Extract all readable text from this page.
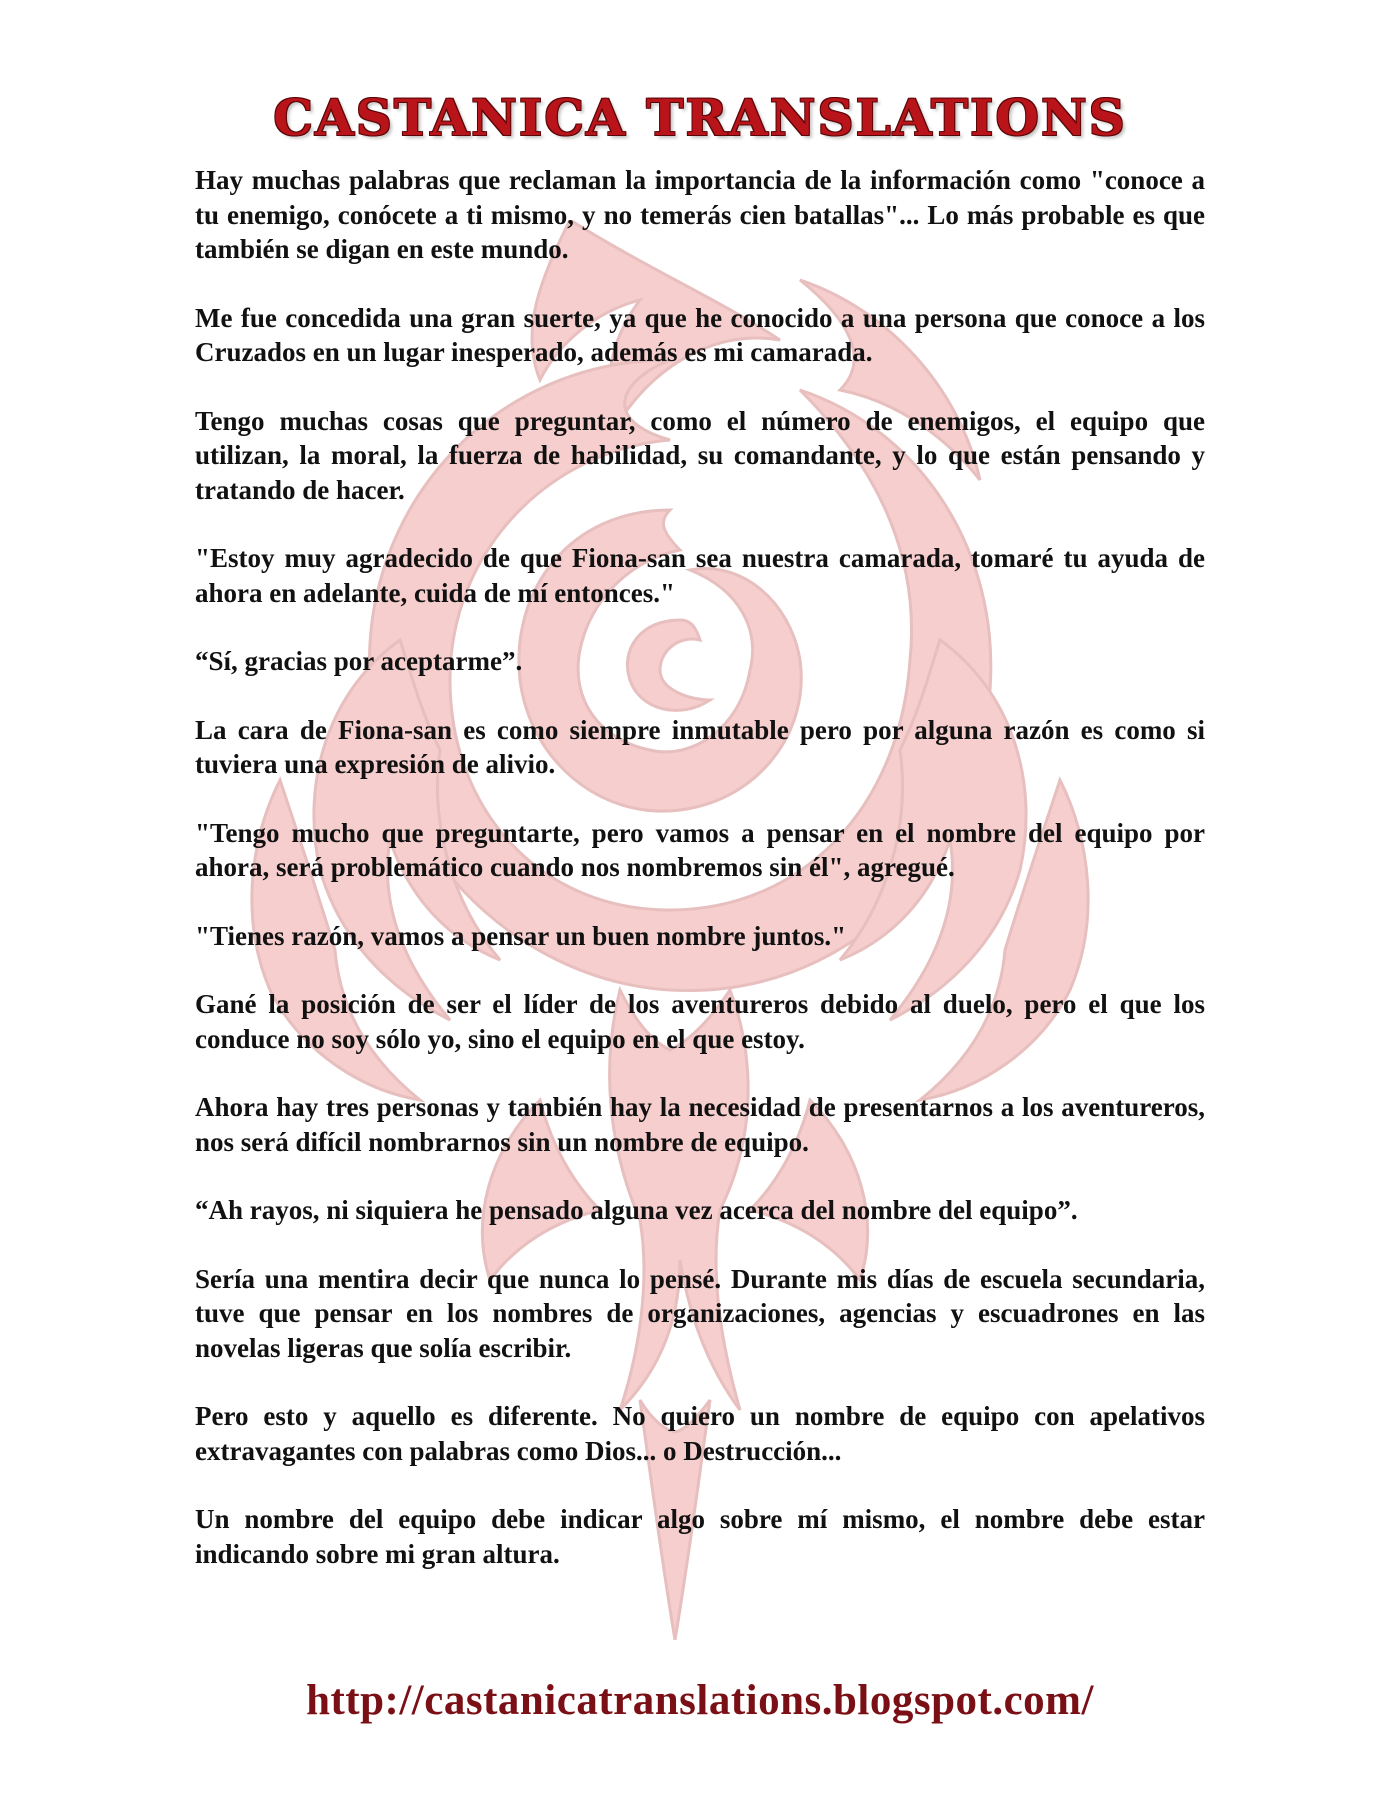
CASTANICA TRANSLATIONS

Hay muchas palabras que reclaman la importancia de la información como "conoce a tu enemigo, conócete a ti mismo, y no temerás cien batallas"... Lo más probable es que también se digan en este mundo.

Me fue concedida una gran suerte, ya que he conocido a una persona que conoce a los Cruzados en un lugar inesperado, además es mi camarada.

Tengo muchas cosas que preguntar, como el número de enemigos, el equipo que utilizan, la moral, la fuerza de habilidad, su comandante, y lo que están pensando y tratando de hacer.

"Estoy muy agradecido de que Fiona-san sea nuestra camarada, tomaré tu ayuda de ahora en adelante, cuida de mí entonces."

“Sí, gracias por aceptarme”.

La cara de Fiona-san es como siempre inmutable pero por alguna razón es como si tuviera una expresión de alivio.

"Tengo mucho que preguntarte, pero vamos a pensar en el nombre del equipo por ahora, será problemático cuando nos nombremos sin él", agregué.

"Tienes razón, vamos a pensar un buen nombre juntos."

Gané la posición de ser el líder de los aventureros debido al duelo, pero el que los conduce no soy sólo yo, sino el equipo en el que estoy.

Ahora hay tres personas y también hay la necesidad de presentarnos a los aventureros, nos será difícil nombrarnos sin un nombre de equipo.

“Ah rayos, ni siquiera he pensado alguna vez acerca del nombre del equipo”.

Sería una mentira decir que nunca lo pensé. Durante mis días de escuela secundaria, tuve que pensar en los nombres de organizaciones, agencias y escuadrones en las novelas ligeras que solía escribir.

Pero esto y aquello es diferente. No quiero un nombre de equipo con apelativos extravagantes con palabras como Dios... o Destrucción...

Un nombre del equipo debe indicar algo sobre mí mismo, el nombre debe estar indicando sobre mi gran altura.

http://castanicatranslations.blogspot.com/
